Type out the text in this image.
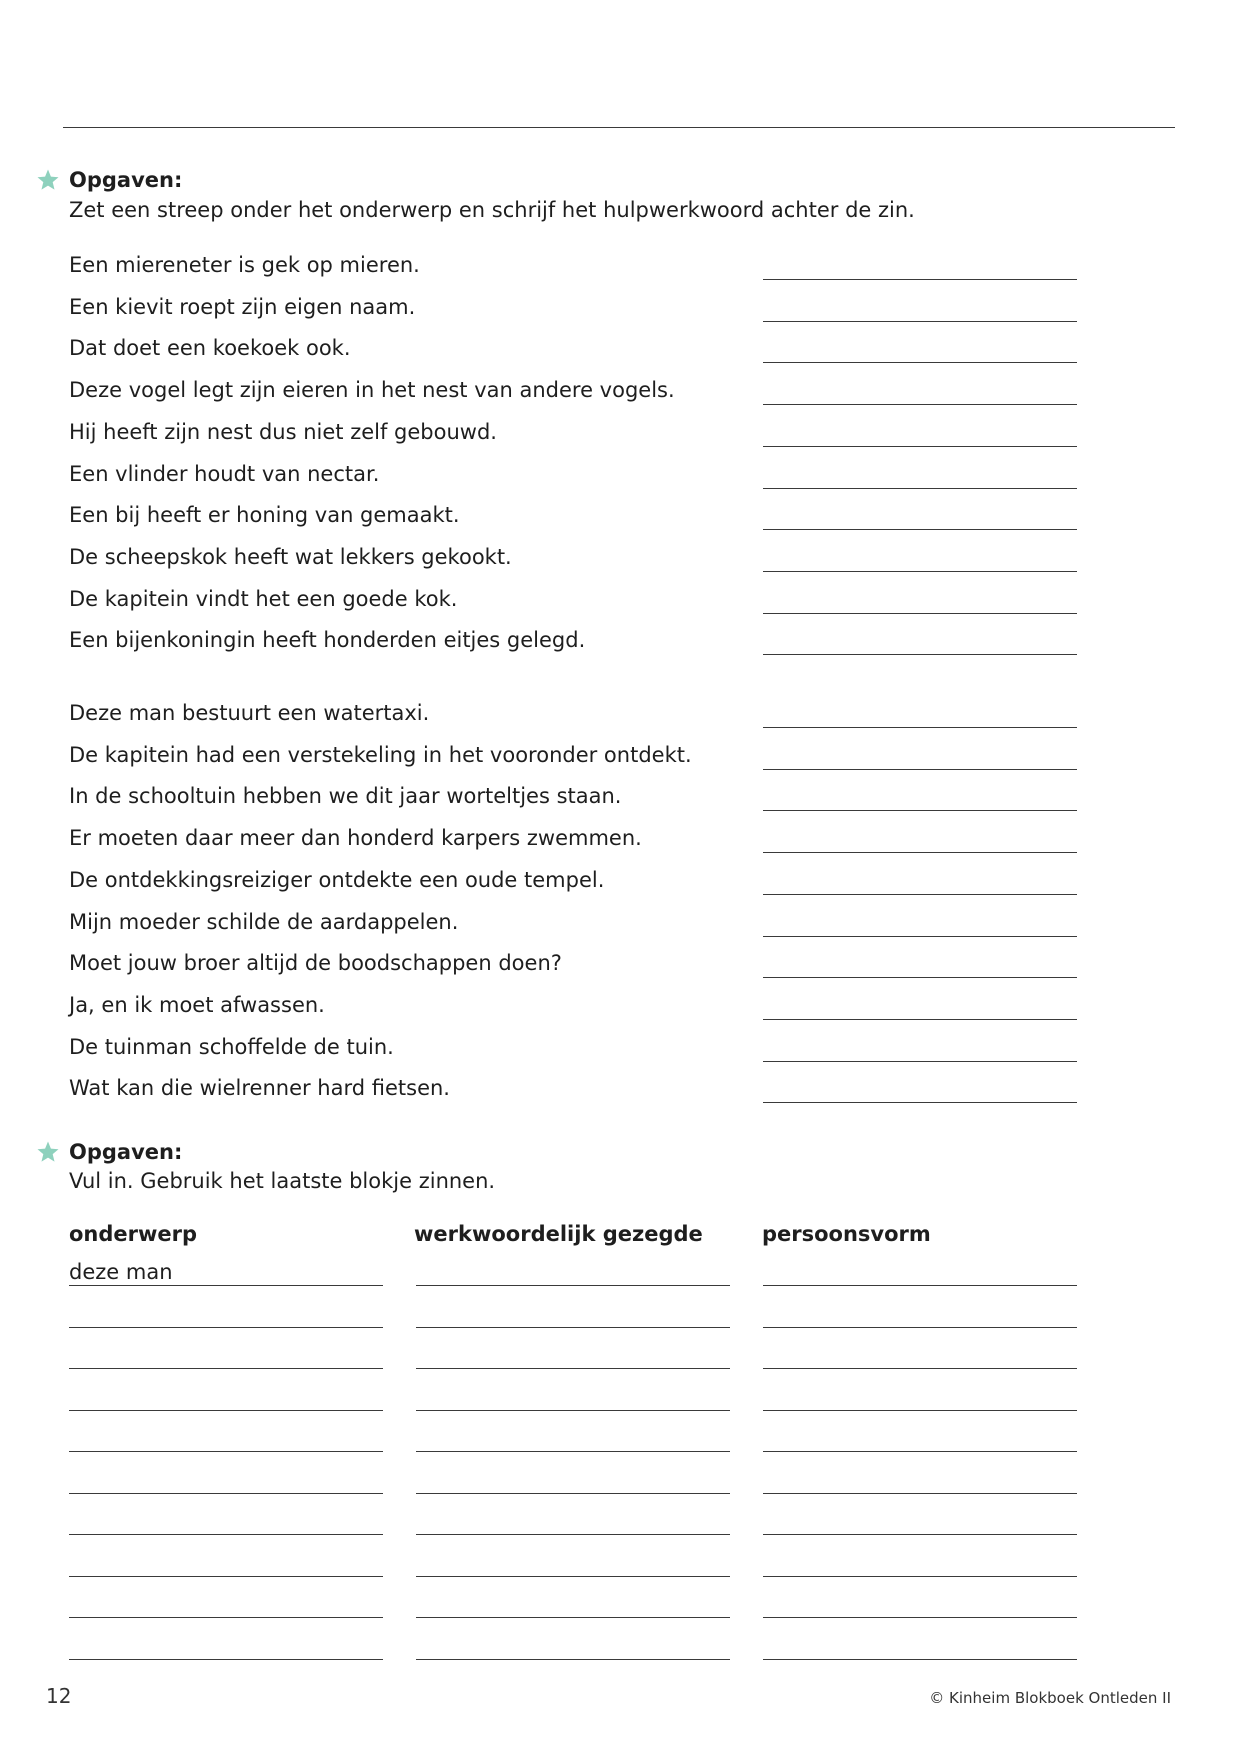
Opgaven:
Zet een streep onder het onderwerp en schrijf het hulpwerkwoord achter de zin.
Een miereneter is gek op mieren.
Een kievit roept zijn eigen naam.
Dat doet een koekoek ook.
Deze vogel legt zijn eieren in het nest van andere vogels.
Hij heeft zijn nest dus niet zelf gebouwd.
Een vlinder houdt van nectar.
Een bij heeft er honing van gemaakt.
De scheepskok heeft wat lekkers gekookt.
De kapitein vindt het een goede kok.
Een bijenkoningin heeft honderden eitjes gelegd.
Deze man bestuurt een watertaxi.
De kapitein had een verstekeling in het vooronder ontdekt.
In de schooltuin hebben we dit jaar worteltjes staan.
Er moeten daar meer dan honderd karpers zwemmen.
De ontdekkingsreiziger ontdekte een oude tempel.
Mijn moeder schilde de aardappelen.
Moet jouw broer altijd de boodschappen doen?
Ja, en ik moet afwassen.
De tuinman schoffelde de tuin.
Wat kan die wielrenner hard fietsen.
Opgaven:
Vul in. Gebruik het laatste blokje zinnen.
onderwerp	werkwoordelijk gezegde	persoonsvorm
deze man
12	© Kinheim Blokboek Ontleden II
